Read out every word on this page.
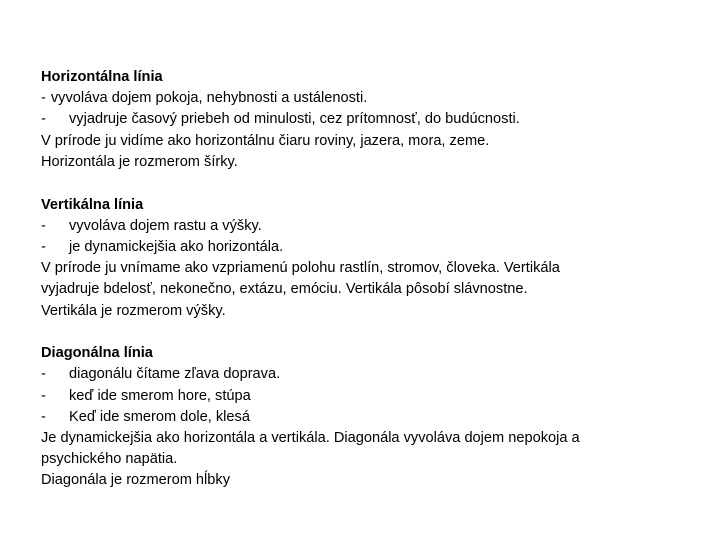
Horizontálna línia
- vyvoláva dojem pokoja, nehybnosti a ustálenosti.
- vyjadruje časový priebeh od minulosti, cez prítomnosť, do budúcnosti.
V prírode ju vidíme ako horizontálnu čiaru roviny, jazera, mora, zeme.
Horizontála je rozmerom šírky.
Vertikálna línia
- vyvoláva dojem rastu a výšky.
- je dynamickejšia ako horizontála.
V prírode ju vnímame ako vzpriamenú polohu rastlín, stromov, človeka. Vertikála
vyjadruje bdelosť, nekonečno, extázu, emóciu. Vertikála pôsobí slávnostne.
Vertikála je rozmerom výšky.
Diagonálna línia
- diagonálu čítame zľava doprava.
- keď ide smerom hore, stúpa
- Keď ide smerom dole, klesá
Je dynamickejšia ako horizontála a vertikála. Diagonála vyvoláva dojem nepokoja a
psychického napätia.
Diagonála je rozmerom hĺbky
